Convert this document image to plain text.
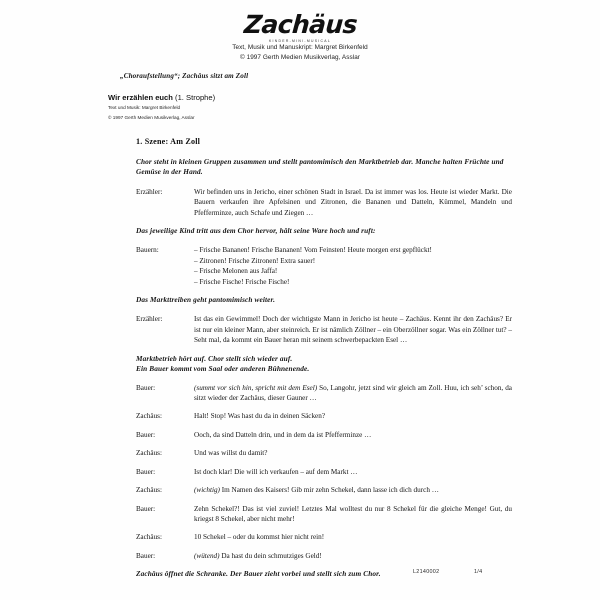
Zachäus
KINDER-MINI-MUSICAL
Text, Musik und Manuskript: Margret Birkenfeld
© 1997 Gerth Medien Musikverlag, Asslar
„Choraufstellung“; Zachäus sitzt am Zoll
Wir erzählen euch (1. Strophe)
Text und Musik: Margret Birkenfeld
© 1997 Gerth Medien Musikverlag, Asslar
1. Szene: Am Zoll

Chor steht in kleinen Gruppen zusammen und stellt pantomimisch den Marktbetrieb dar. Manche halten Früchte und Gemüse in der Hand.

Erzähler:	Wir befinden uns in Jericho, einer schönen Stadt in Israel. Da ist immer was los. Heute ist wieder Markt. Die Bauern verkaufen ihre Apfelsinen und Zitronen, die Bananen und Datteln, Kümmel, Mandeln und Pfefferminze, auch Schafe und Ziegen …

Das jeweilige Kind tritt aus dem Chor hervor, hält seine Ware hoch und ruft:

Bauern:	– Frische Bananen! Frische Bananen! Vom Feinsten! Heute morgen erst gepflückt!
– Zitronen! Frische Zitronen! Extra sauer!
– Frische Melonen aus Jaffa!
– Frische Fische! Frische Fische!

Das Markttreiben geht pantomimisch weiter.

Erzähler:	Ist das ein Gewimmel! Doch der wichtigste Mann in Jericho ist heute – Zachäus. Kennt ihr den Zachäus? Er ist nur ein kleiner Mann, aber steinreich. Er ist nämlich Zöllner – ein Oberzöllner sogar. Was ein Zöllner tut? – Seht mal, da kommt ein Bauer heran mit seinem schwerbepackten Esel …

Marktbetrieb hört auf. Chor stellt sich wieder auf.
Ein Bauer kommt vom Saal oder anderen Bühnenende.

Bauer:	(summt vor sich hin, spricht mit dem Esel) So, Langohr, jetzt sind wir gleich am Zoll. Huu, ich seh’ schon, da sitzt wieder der Zachäus, dieser Gauner …
Zachäus:	Halt! Stop! Was hast du da in deinen Säcken?
Bauer:	Ooch, da sind Datteln drin, und in dem da ist Pfefferminze …
Zachäus:	Und was willst du damit?
Bauer:	Ist doch klar! Die will ich verkaufen – auf dem Markt …
Zachäus:	(wichtig) Im Namen des Kaisers! Gib mir zehn Schekel, dann lasse ich dich durch …
Bauer:	Zehn Schekel?! Das ist viel zuviel! Letztes Mal wolltest du nur 8 Schekel für die gleiche Menge! Gut, du kriegst 8 Schekel, aber nicht mehr!
Zachäus:	10 Schekel – oder du kommst hier nicht rein!
Bauer:	(wütend) Da hast du dein schmutziges Geld!

Zachäus öffnet die Schranke. Der Bauer zieht vorbei und stellt sich zum Chor.	L2140002	1/4
